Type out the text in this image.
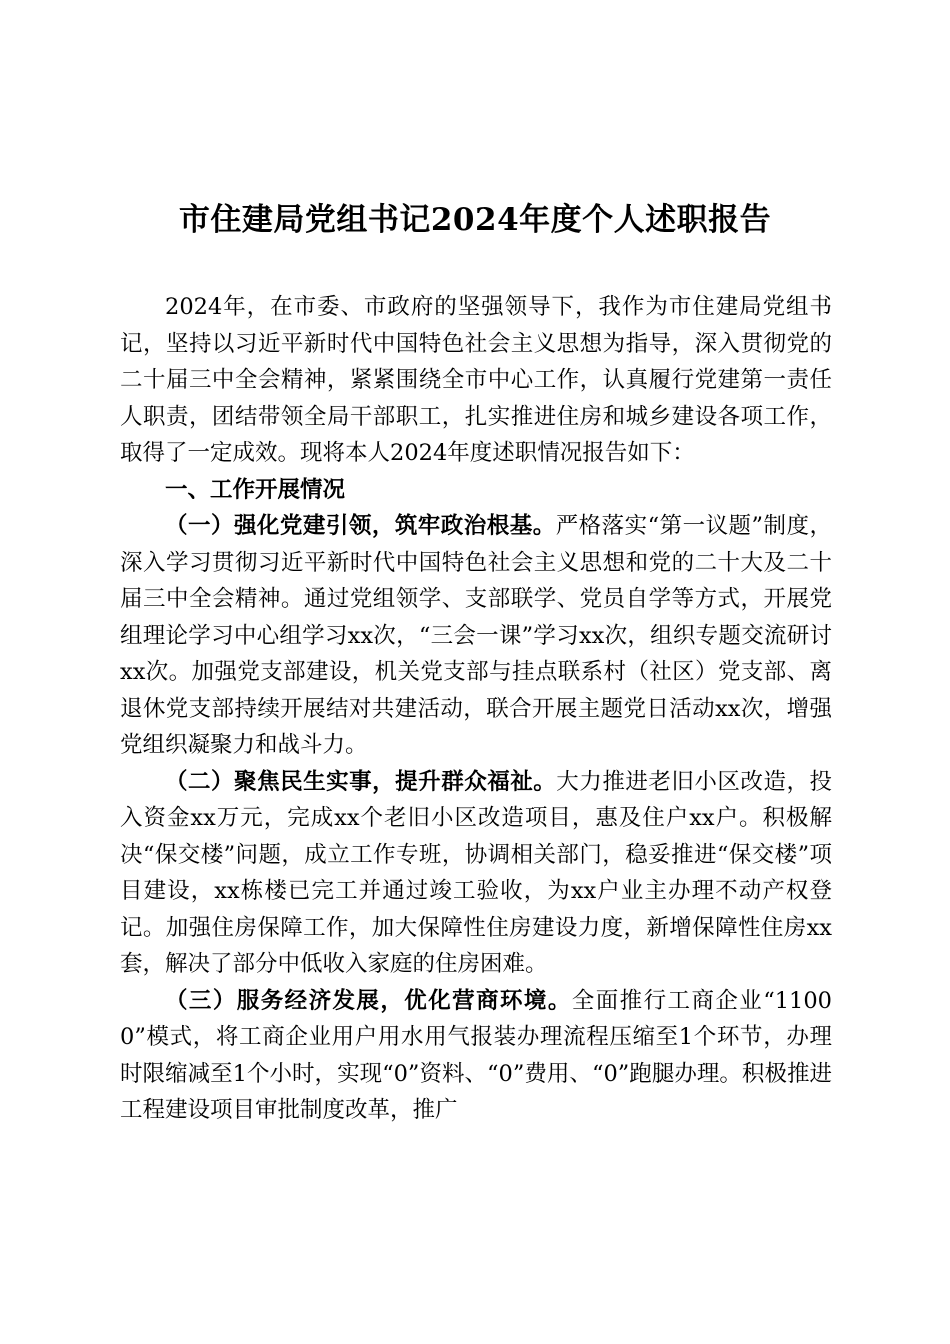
市住建局党组书记2024年度个人述职报告

2024年，在市委、市政府的坚强领导下，我作为市住建局党组书记，坚持以习近平新时代中国特色社会主义思想为指导，深入贯彻党的二十届三中全会精神，紧紧围绕全市中心工作，认真履行党建第一责任人职责，团结带领全局干部职工，扎实推进住房和城乡建设各项工作，取得了一定成效。现将本人2024年度述职情况报告如下：

一、工作开展情况

（一）强化党建引领，筑牢政治根基。严格落实“第一议题”制度，深入学习贯彻习近平新时代中国特色社会主义思想和党的二十大及二十届三中全会精神。通过党组领学、支部联学、党员自学等方式，开展党组理论学习中心组学习xx次，“三会一课”学习xx次，组织专题交流研讨xx次。加强党支部建设，机关党支部与挂点联系村（社区）党支部、离退休党支部持续开展结对共建活动，联合开展主题党日活动xx次，增强党组织凝聚力和战斗力。

（二）聚焦民生实事，提升群众福祉。大力推进老旧小区改造，投入资金xx万元，完成xx个老旧小区改造项目，惠及住户xx户。积极解决“保交楼”问题，成立工作专班，协调相关部门，稳妥推进“保交楼”项目建设，xx栋楼已完工并通过竣工验收，为xx户业主办理不动产权登记。加强住房保障工作，加大保障性住房建设力度，新增保障性住房xx套，解决了部分中低收入家庭的住房困难。

（三）服务经济发展，优化营商环境。全面推行工商企业“11000”模式，将工商企业用户用水用气报装办理流程压缩至1个环节，办理时限缩减至1个小时，实现“0”资料、“0”费用、“0”跑腿办理。积极推进工程建设项目审批制度改革，推广
